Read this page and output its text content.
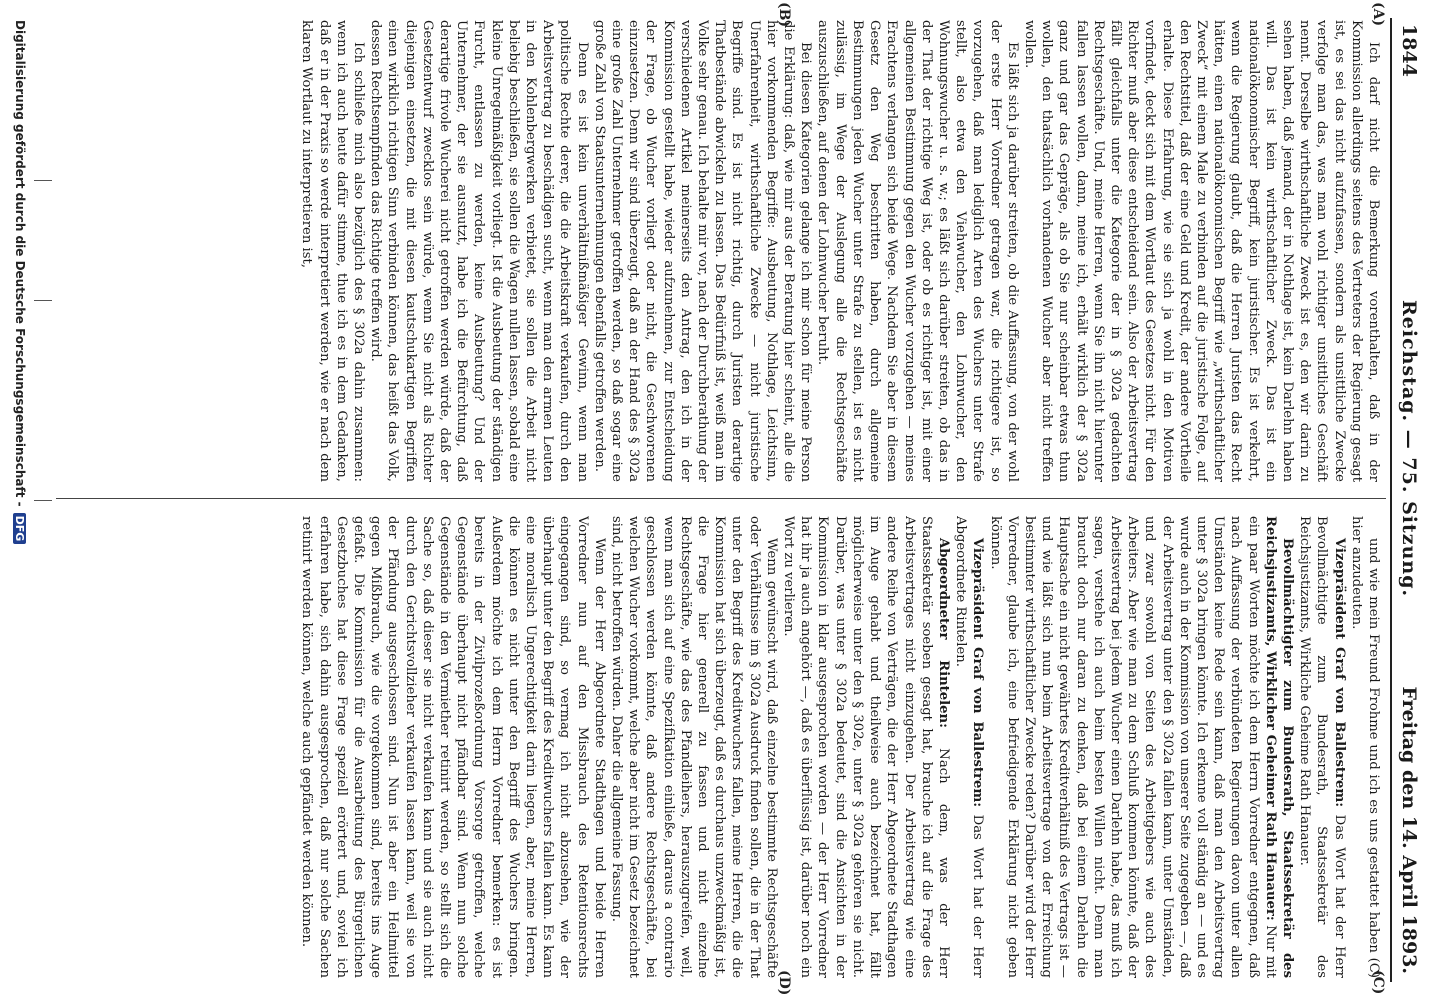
1844
Reichstag. — 75. Sitzung.
Freitag den 14. April 1893.
(A)
(B)
(C)
(D)

Ich darf nicht die Bemerkung vorenthalten, daß in der Kommission allerdings seitens des Vertreters der Regierung gesagt ist, es sei das nicht aufzufassen, sondern als unsittliche Zwecke verfolge man das, was man wohl richtiger unsittliches Geschäft nennt. Derselbe wirthschaftliche Zweck ist es, den wir darin zu sehen haben, daß jemand, der in Nothlage ist, kein Darlehn haben will. Das ist kein wirthschaftlicher Zweck. Das ist ein nationalökonomischer Begriff, kein juristischer. Es ist verkehrt, wenn die Regierung glaubt, daß die Herren Juristen das Recht hätten, einen nationalökonomischen Begriff wie „wirthschaftlicher Zweck“ mit einem Male zu verbinden auf die juristische Folge, auf den Rechtstitel, daß der eine Geld und Kredit, der andere Vortheile erhalte. Diese Erfahrung, wie sie sich ja wohl in den Motiven vorfindet, deckt sich mit dem Wortlaut des Gesetzes nicht. Für den Richter muß aber diese entscheidend sein. Also der Arbeitsvertrag fällt gleichfalls unter die Kategorie der in § 302a gedachten Rechtsgeschäfte. Und, meine Herren, wenn Sie ihn nicht hierunter fallen lassen wollen, dann, meine ich, erhält wirklich der § 302a ganz und gar das Gepräge, als ob Sie nur scheinbar etwas thun wollen, den thatsächlich vorhandenen Wucher aber nicht treffen wollen.

Es läßt sich ja darüber streiten, ob die Auffassung, von der wohl der erste Herr Vorredner getragen war, die richtigere ist, so vorzugehen, daß man lediglich Arten des Wuchers unter Strafe stellt, also etwa den Viehwucher, den Lohnwucher, den Wohnungswucher u. s. w.; es läßt sich darüber streiten, ob das in der That der richtige Weg ist, oder ob es richtiger ist, mit einer allgemeinen Bestimmung gegen den Wucher vorzugehen — meines Erachtens verlangen sich beide Wege. Nachdem Sie aber in diesem Gesetz den Weg beschritten haben, durch allgemeine Bestimmungen jeden Wucher unter Strafe zu stellen, ist es nicht zulässig, im Wege der Auslegung alle die Rechtsgeschäfte auszuschließen, auf denen der Lohnwucher beruht.

Bei diesen Kategorien gelange ich mir schon für meine Person die Erklärung: daß, wie mir aus der Beratung hier scheint, alle die hier vorkommenden Begriffe: Ausbeutung, Nothlage, Leichtsinn, Unerfahrenheit, wirthschaftliche Zwecke — nicht juristische Begriffe sind. Es ist nicht richtig, durch Juristen derartige Thatbestände abwickeln zu lassen. Das Bedürfniß ist, weiß man im Volke sehr genau. Ich behalte mir vor, nach der Durchberathung der verschiedenen Artikel meinerseits den Antrag, den ich in der Kommission gestellt habe, wieder aufzunehmen, zur Entscheidung der Frage, ob Wucher vorliegt oder nicht, die Geschworenen einzusetzen. Denn wir sind überzeugt, daß an der Hand des § 302a eine große Zahl Unternehmer getroffen werden, so daß sogar eine große Zahl von Staatsunternehmungen ebenfalls getroffen werden.

Denn es ist kein unverhältnißmäßiger Gewinn, wenn man politische Rechte derer, die die Arbeitskraft verkaufen, durch den Arbeitsvertrag zu beschädigen sucht, wenn man den armen Leuten in den Kohlenbergwerken verbietet, sie sollen die Arbeit nicht beliebig beschließen, sie sollen die Wagen nullen lassen, sobald eine kleine Unregelmäßigkeit vorliegt. Ist die Ausbeutung der ständigen Furcht, entlassen zu werden, keine Ausbeutung? Und der Unternehmer, der sie ausnutzt, habe ich die Befürchtung, daß derartige frivole Wucherei nicht getroffen werden würde, daß der Gesetzentwurf zwecklos sein würde, wenn Sie nicht als Richter diejenigen einsetzen, die mit diesen kautschukartigen Begriffen einen wirklich richtigen Sinn verbinden können, das heißt das Volk, dessen Rechtsempfinden das Richtige treffen wird.

Ich schließe mich also bezüglich des § 302a dahin zusammen: wenn ich auch heute dafür stimme, thue ich es in dem Gedanken, daß er in der Praxis so werde interpretiert werden, wie er nach dem klaren Wortlaut zu interpretieren ist,

und wie mein Freund Frohme und ich es uns gestattet haben (C) hier anzudeuten.

Vizepräsident Graf von Ballestrem: Das Wort hat der Herr Bevollmächtigte zum Bundesrath, Staatssekretär des Reichsjustizamts, Wirkliche Geheime Rath Hanauer.

Bevollmächtigter zum Bundesrath, Staatssekretär des Reichsjustizamts, Wirklicher Geheimer Rath Hanauer: Nur mit ein paar Worten möchte ich dem Herrn Vorredner entgegnen, daß nach Auffassung der verbündeten Regierungen davon unter allen Umständen keine Rede sein kann, daß man den Arbeitsvertrag unter § 302a bringen könnte. Ich erkenne voll ständig an — und es wurde auch in der Kommission von unserer Seite zugegeben —, daß der Arbeitsvertrag unter den § 302a fallen kann, unter Umständen, und zwar sowohl von Seiten des Arbeitgebers wie auch des Arbeiters. Aber wie man zu dem Schluß kommen könnte, daß der Arbeitsvertrag bei jedem Wucher einen Darlehn habe, das muß ich sagen, verstehe ich auch beim besten Willen nicht. Denn man braucht doch nur daran zu denken, daß bei einem Darlehn die Hauptsache ein nicht gewährtes Kreditverhältniß des Vertrags ist — und wie läßt sich nun beim Arbeitsvertrage von der Erreichung bestimmter wirthschaftlicher Zwecke reden? Darüber wird der Herr Vorredner, glaube ich, eine befriedigende Erklärung nicht geben können.

Vizepräsident Graf von Ballestrem: Das Wort hat der Herr Abgeordnete Rintelen.

Abgeordneter Rintelen: Nach dem, was der Herr Staatssekretär soeben gesagt hat, brauche ich auf die Frage des Arbeitsvertrages nicht einzugehen. Der Arbeitsvertrag wie eine andere Reihe von Verträgen, die der Herr Abgeordnete Stadthagen im Auge gehabt und theilweise auch bezeichnet hat, fällt möglicherweise unter den § 302e, unter § 302a gehören sie nicht. Darüber, was unter § 302a bedeutet, sind die Ansichten in der Kommission in klar ausgesprochen worden — der Herr Vorredner hat ihr ja auch angehört —, daß es überflüssig ist, darüber noch ein Wort zu verlieren.

Wenn gewünscht wird, daß einzelne bestimmte Rechtsgeschäfte oder Verhältnisse im § 302a Ausdruck finden sollen, die in der That unter den Begriff des Kreditwuchers fallen, meine Herren, die die Kommission hat sich überzeugt, daß es durchaus unzweckmäßig ist, die Frage hier generell zu fassen und nicht einzelne Rechtsgeschäfte, wie das des Pfandleihers, herauszugreifen, weil, wenn man sich auf eine Spezifikation einließe, daraus a contrario geschlossen werden könnte, daß andere Rechtsgeschäfte, bei welchen Wucher vorkommt, welche aber nicht im Gesetz bezeichnet sind, nicht betroffen würden. Daher die allgemeine Fassung.

Wenn der Herr Abgeordnete Stadthagen und beide Herren Vorredner nun auf den Missbrauch des Retentionsrechts eingegangen sind, so vermag ich nicht abzusehen, wie der überhaupt unter den Begriff des Kreditwuchers fallen kann. Es kann eine moralisch Ungerechtigkeit darin liegen, aber, meine Herren, die können es nicht unter den Begriff des Wuchers bringen. Außerdem möchte ich dem Herrn Vorredner bemerken: es ist bereits in der Zivilprozeßordnung Vorsorge getroffen, welche Gegenstände überhaupt nicht pfändbar sind. Wenn nun solche Gegenstände in den Vermiether retinirt werden, so stellt sich die Sache so, daß dieser sie nicht verkaufen kann und sie auch nicht durch den Gerichtsvollzieher verkaufen lassen kann, weil sie von der Pfändung ausgeschlossen sind. Nun ist aber ein Heilmittel gegen Mißbrauch, wie die vorgekommen sind, bereits ins Auge gefaßt. Die Kommission für die Ausarbeitung des Bürgerlichen Gesetzbuches hat diese Frage speziell erörtert und, soviel ich erfahren habe, sich dahin ausgesprochen, daß nur solche Sachen retinirt werden können, welche auch gepfändet werden können.

Digitalisierung gefördert durch die Deutsche Forschungsgemeinschaft -DFG
